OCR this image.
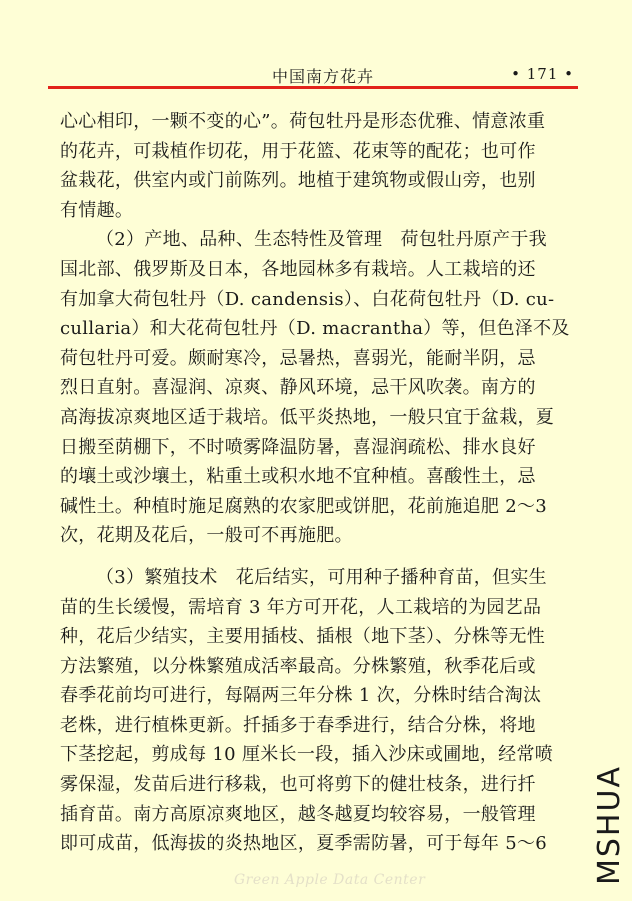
中国南方花卉	• 171 •
心心相印，一颗不变的心”。荷包牡丹是形态优雅、情意浓重
的花卉，可栽植作切花，用于花篮、花束等的配花；也可作
盆栽花，供室内或门前陈列。地植于建筑物或假山旁，也别
有情趣。
（2）产地、品种、生态特性及管理　荷包牡丹原产于我
国北部、俄罗斯及日本，各地园林多有栽培。人工栽培的还
有加拿大荷包牡丹（D. candensis）、白花荷包牡丹（D. cu-
cullaria）和大花荷包牡丹（D. macrantha）等，但色泽不及
荷包牡丹可爱。颇耐寒冷，忌暑热，喜弱光，能耐半阴，忌
烈日直射。喜湿润、凉爽、静风环境，忌干风吹袭。南方的
高海拔凉爽地区适于栽培。低平炎热地，一般只宜于盆栽，夏
日搬至荫棚下，不时喷雾降温防暑，喜湿润疏松、排水良好
的壤土或沙壤土，粘重土或积水地不宜种植。喜酸性土，忌
碱性土。种植时施足腐熟的农家肥或饼肥，花前施追肥 2～3
次，花期及花后，一般可不再施肥。
（3）繁殖技术　花后结实，可用种子播种育苗，但实生
苗的生长缓慢，需培育 3 年方可开花，人工栽培的为园艺品
种，花后少结实，主要用插枝、插根（地下茎）、分株等无性
方法繁殖，以分株繁殖成活率最高。分株繁殖，秋季花后或
春季花前均可进行，每隔两三年分株 1 次，分株时结合淘汰
老株，进行植株更新。扦插多于春季进行，结合分株，将地
下茎挖起，剪成每 10 厘米长一段，插入沙床或圃地，经常喷
雾保湿，发苗后进行移栽，也可将剪下的健壮枝条，进行扦
插育苗。南方高原凉爽地区，越冬越夏均较容易，一般管理
即可成苗，低海拔的炎热地区，夏季需防暑，可于每年 5～6
Green Apple Data Center	MSHUA
